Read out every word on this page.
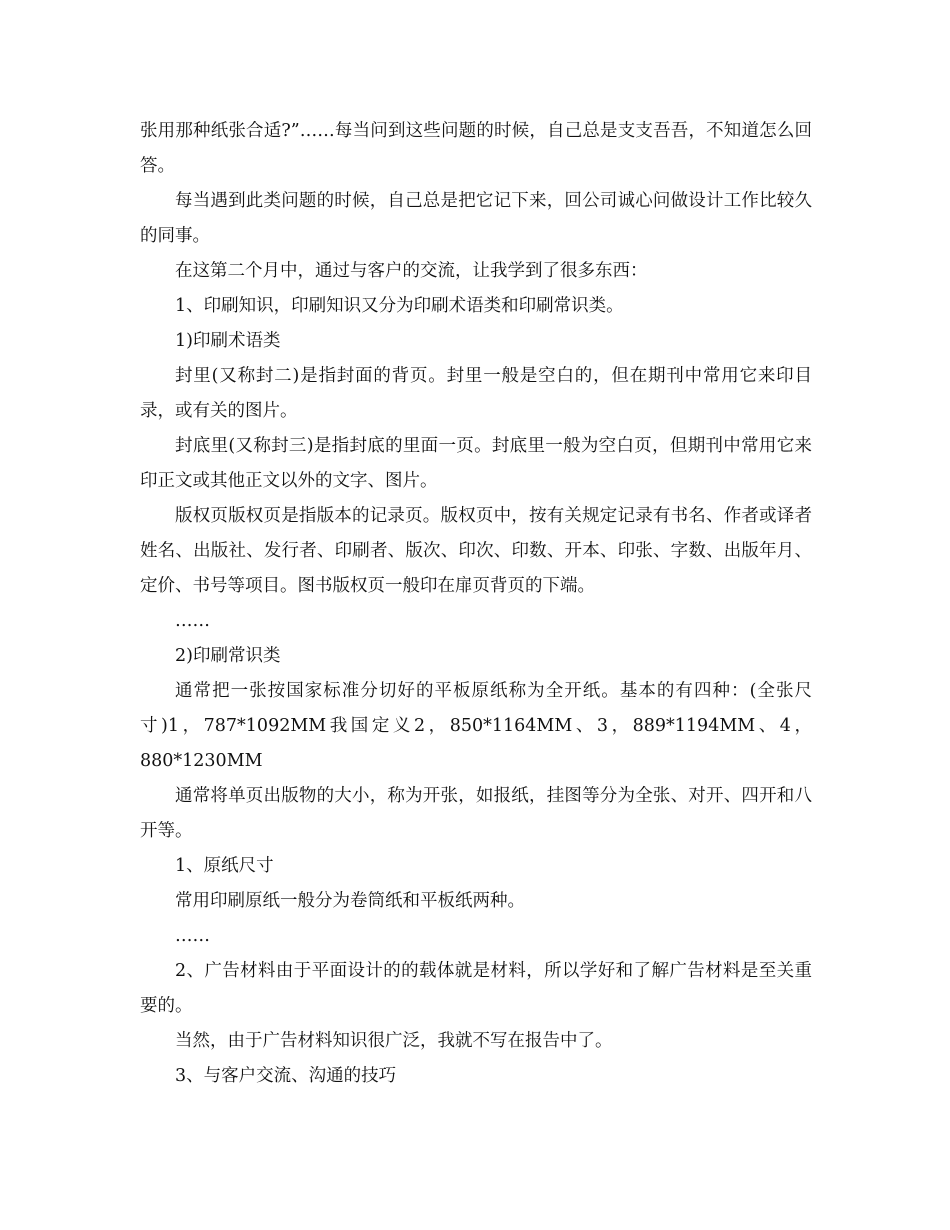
张用那种纸张合适?”……每当问到这些问题的时候，自己总是支支吾吾，不知道怎么回答。

每当遇到此类问题的时候，自己总是把它记下来，回公司诚心问做设计工作比较久的同事。

在这第二个月中，通过与客户的交流，让我学到了很多东西：

1、印刷知识，印刷知识又分为印刷术语类和印刷常识类。

1)印刷术语类

封里(又称封二)是指封面的背页。封里一般是空白的，但在期刊中常用它来印目录，或有关的图片。

封底里(又称封三)是指封底的里面一页。封底里一般为空白页，但期刊中常用它来印正文或其他正文以外的文字、图片。

版权页版权页是指版本的记录页。版权页中，按有关规定记录有书名、作者或译者姓名、出版社、发行者、印刷者、版次、印次、印数、开本、印张、字数、出版年月、定价、书号等项目。图书版权页一般印在扉页背页的下端。

……

2)印刷常识类

通常把一张按国家标准分切好的平板原纸称为全开纸。基本的有四种：(全张尺寸)1，787*1092MM我国定义2，850*1164MM、3，889*1194MM、4，880*1230MM

通常将单页出版物的大小，称为开张，如报纸，挂图等分为全张、对开、四开和八开等。

1、原纸尺寸

常用印刷原纸一般分为卷筒纸和平板纸两种。

……

2、广告材料由于平面设计的的载体就是材料，所以学好和了解广告材料是至关重要的。

当然，由于广告材料知识很广泛，我就不写在报告中了。

3、与客户交流、沟通的技巧
